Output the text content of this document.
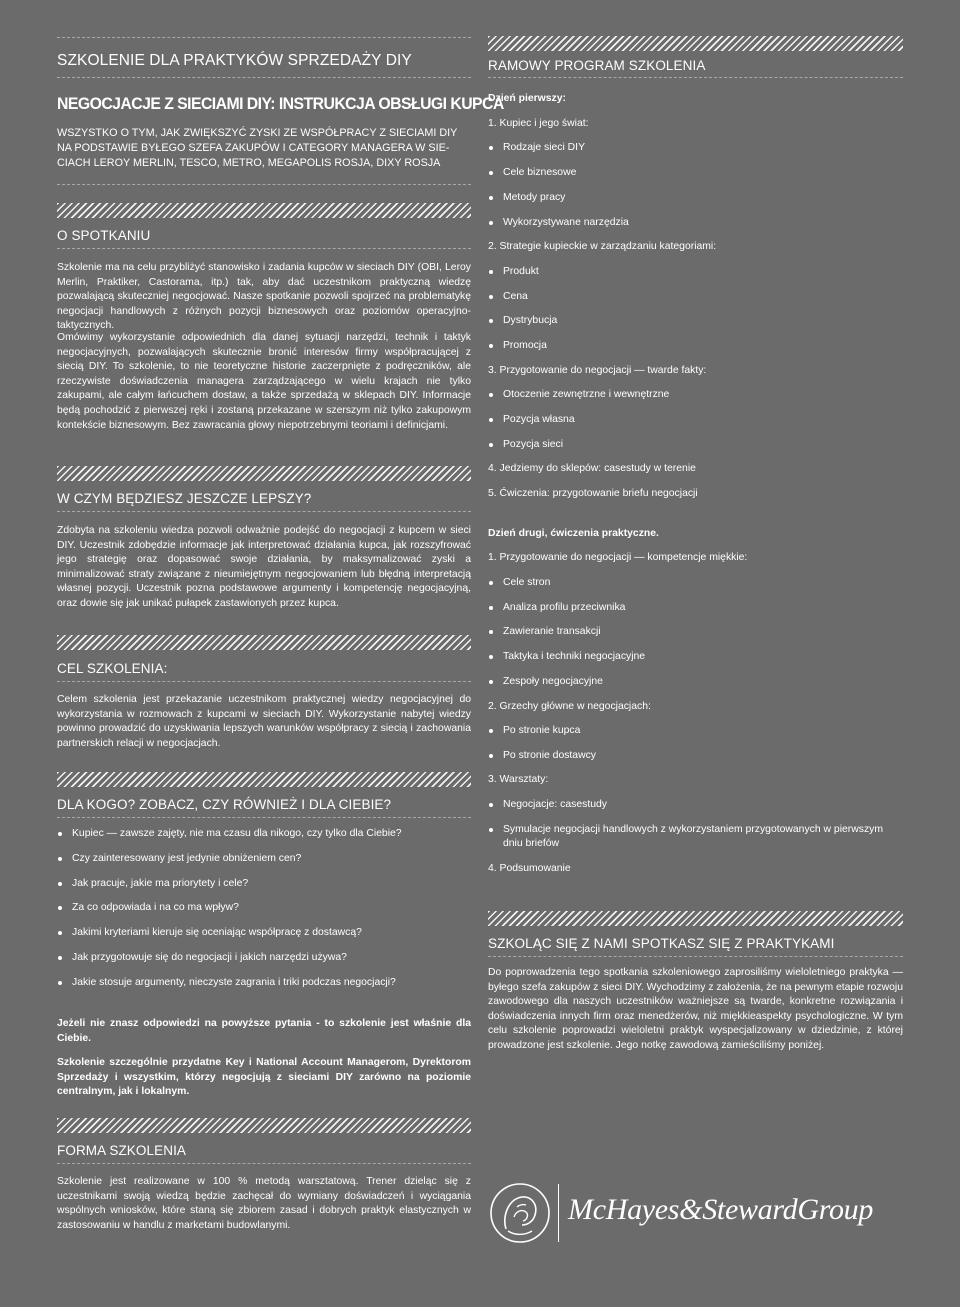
SZKOLENIE DLA PRAKTYKÓW SPRZEDAŻY DIY
NEGOCJACJE Z SIECIAMI DIY: INSTRUKCJA OBSŁUGI KUPCA
WSZYSTKO O TYM, JAK ZWIĘKSZYĆ ZYSKI ZE WSPÓŁPRACY Z SIECIAMI DIY
NA PODSTAWIE BYŁEGO SZEFA ZAKUPÓW I CATEGORY MANAGERA W SIE-
CIACH LEROY MERLIN, TESCO, METRO, MEGAPOLIS ROSJA, DIXY ROSJA
O SPOTKANIU

Szkolenie ma na celu przybliżyć stanowisko i zadania kupców w sieciach DIY (OBI, Leroy Merlin, Praktiker, Castorama, itp.) tak, aby dać uczestnikom praktyczną wiedzę pozwalającą skuteczniej negocjować. Nasze spotkanie pozwoli spojrzeć na problematykę negocjacji handlowych z różnych pozycji biznesowych oraz poziomów operacyjno-taktycznych.

Omówimy wykorzystanie odpowiednich dla danej sytuacji narzędzi, technik i taktyk negocjacyjnych, pozwalających skutecznie bronić interesów firmy współpracującej z siecią DIY. To szkolenie, to nie teoretyczne historie zaczerpnięte z podręczników, ale rzeczywiste doświadczenia managera zarządzającego w wielu krajach nie tylko zakupami, ale całym łańcuchem dostaw, a także sprzedażą w sklepach DIY. Informacje będą pochodzić z pierwszej ręki i zostaną przekazane w szerszym niż tylko zakupowym kontekście biznesowym. Bez zawracania głowy niepotrzebnymi teoriami i definicjami.

W CZYM BĘDZIESZ JESZCZE LEPSZY?

Zdobyta na szkoleniu wiedza pozwoli odważnie podejść do negocjacji z kupcem w sieci DIY. Uczestnik zdobędzie informacje jak interpretować działania kupca, jak rozszyfrować jego strategię oraz dopasować swoje działania, by maksymalizować zyski a minimalizować straty związane z nieumiejętnym negocjowaniem lub błędną interpretacją własnej pozycji. Uczestnik pozna podstawowe argumenty i kompetencję negocjacyjną, oraz dowie się jak unikać pułapek zastawionych przez kupca.

CEL SZKOLENIA:

Celem szkolenia jest przekazanie uczestnikom praktycznej wiedzy negocjacyjnej do wykorzystania w rozmowach z kupcami w sieciach DIY. Wykorzystanie nabytej wiedzy powinno prowadzić do uzyskiwania lepszych warunków współpracy z siecią i zachowania partnerskich relacji w negocjacjach.

DLA KOGO? ZOBACZ, CZY RÓWNIEŻ I DLA CIEBIE?
Kupiec — zawsze zajęty, nie ma czasu dla nikogo, czy tylko dla Ciebie?
Czy zainteresowany jest jedynie obniżeniem cen?
Jak pracuje, jakie ma priorytety i cele?
Za co odpowiada i na co ma wpływ?
Jakimi kryteriami kieruje się oceniając współpracę z dostawcą?
Jak przygotowuje się do negocjacji i jakich narzędzi używa?
Jakie stosuje argumenty, nieczyste zagrania i triki podczas negocjacji?

Jeżeli nie znasz odpowiedzi na powyższe pytania - to szkolenie jest właśnie dla Ciebie.

Szkolenie szczególnie przydatne Key i National Account Managerom, Dyrektorom Sprzedaży i wszystkim, którzy negocjują z sieciami DIY zarówno na poziomie centralnym, jak i lokalnym.

FORMA SZKOLENIA

Szkolenie jest realizowane w 100 % metodą warsztatową. Trener dzieląc się z uczestnikami swoją wiedzą będzie zachęcał do wymiany doświadczeń i wyciągania wspólnych wniosków, które staną się zbiorem zasad i dobrych praktyk elastycznych w zastosowaniu w handlu z marketami budowlanymi.

RAMOWY PROGRAM SZKOLENIA
Dzień pierwszy:
1. Kupiec i jego świat:
Rodzaje sieci DIY
Cele biznesowe
Metody pracy
Wykorzystywane narzędzia
2. Strategie kupieckie w zarządzaniu kategoriami:
Produkt
Cena
Dystrybucja
Promocja
3. Przygotowanie do negocjacji — twarde fakty:
Otoczenie zewnętrzne i wewnętrzne
Pozycja własna
Pozycja sieci
4. Jedziemy do sklepów: casestudy w terenie
5. Ćwiczenia: przygotowanie briefu negocjacji
Dzień drugi, ćwiczenia praktyczne.
1. Przygotowanie do negocjacji — kompetencje miękkie:
Cele stron
Analiza profilu przeciwnika
Zawieranie transakcji
Taktyka i techniki negocjacyjne
Zespoły negocjacyjne
2. Grzechy główne w negocjacjach:
Po stronie kupca
Po stronie dostawcy
3. Warsztaty:
Negocjacje: casestudy
Symulacje negocjacji handlowych z wykorzystaniem przygotowanych w pierwszym dniu briefów
4. Podsumowanie
SZKOLĄC SIĘ Z NAMI SPOTKASZ SIĘ Z PRAKTYKAMI

Do poprowadzenia tego spotkania szkoleniowego zaprosiliśmy wieloletniego praktyka — byłego szefa zakupów z sieci DIY. Wychodzimy z założenia, że na pewnym etapie rozwoju zawodowego dla naszych uczestników ważniejsze są twarde, konkretne rozwiązania i doświadczenia innych firm oraz menedżerów, niż miękkieaspekty psychologiczne. W tym celu szkolenie poprowadzi wieloletni praktyk wyspecjalizowany w dziedzinie, z której prowadzone jest szkolenie. Jego notkę zawodową zamieściliśmy poniżej.

McHayes&StewardGroup
